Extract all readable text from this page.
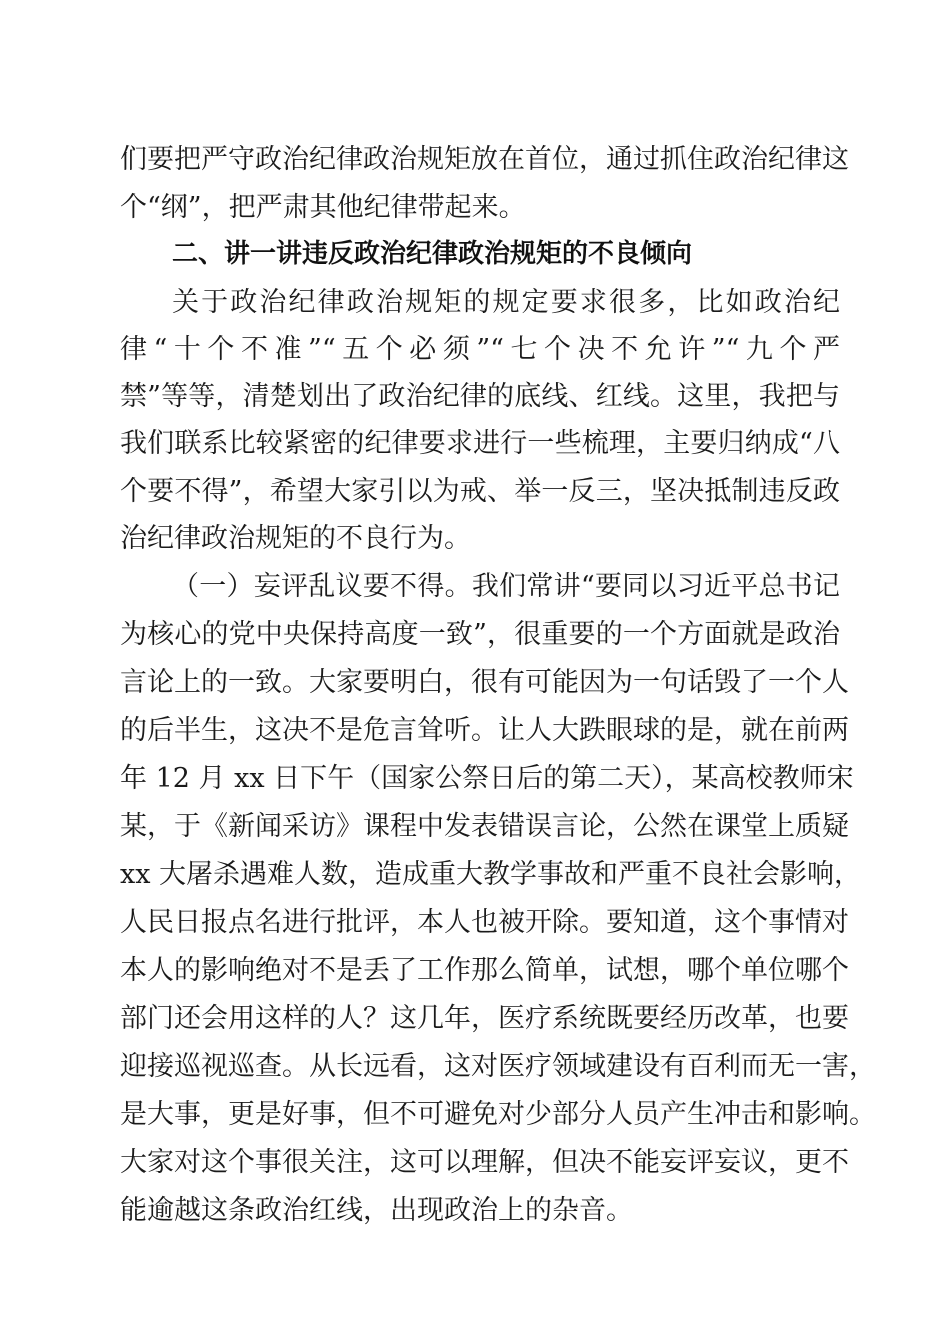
们要把严守政治纪律政治规矩放在首位，通过抓住政治纪律这
个“纲”，把严肃其他纪律带起来。
二、讲一讲违反政治纪律政治规矩的不良倾向
关于政治纪律政治规矩的规定要求很多，比如政治纪
律“十个不准”“五个必须”“七个决不允许”“九个严
禁”等等，清楚划出了政治纪律的底线、红线。这里，我把与
我们联系比较紧密的纪律要求进行一些梳理，主要归纳成“八
个要不得”，希望大家引以为戒、举一反三，坚决抵制违反政
治纪律政治规矩的不良行为。
（一）妄评乱议要不得。我们常讲“要同以习近平总书记
为核心的党中央保持高度一致”，很重要的一个方面就是政治
言论上的一致。大家要明白，很有可能因为一句话毁了一个人
的后半生，这决不是危言耸听。让人大跌眼球的是，就在前两
年 12 月 xx 日下午（国家公祭日后的第二天），某高校教师宋
某，于《新闻采访》课程中发表错误言论，公然在课堂上质疑
xx 大屠杀遇难人数，造成重大教学事故和严重不良社会影响，
人民日报点名进行批评，本人也被开除。要知道，这个事情对
本人的影响绝对不是丢了工作那么简单，试想，哪个单位哪个
部门还会用这样的人？这几年，医疗系统既要经历改革，也要
迎接巡视巡查。从长远看，这对医疗领域建设有百利而无一害，
是大事，更是好事，但不可避免对少部分人员产生冲击和影响。
大家对这个事很关注，这可以理解，但决不能妄评妄议，更不
能逾越这条政治红线，出现政治上的杂音。
